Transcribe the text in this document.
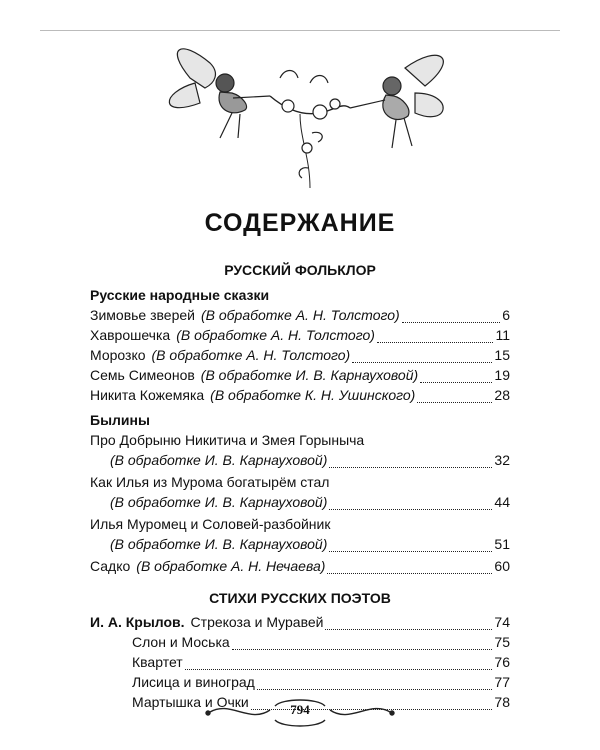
СОДЕРЖАНИЕ
РУССКИЙ ФОЛЬКЛОР
Русские народные сказки
Зимовье зверей (В обработке А. Н. Толстого)	6
Хаврошечка (В обработке А. Н. Толстого)	11
Морозко (В обработке А. Н. Толстого)	15
Семь Симеонов (В обработке И. В. Карнауховой)	19
Никита Кожемяка (В обработке К. Н. Ушинского)	28
Былины
Про Добрыню Никитича и Змея Горыныча
(В обработке И. В. Карнауховой)	32
Как Илья из Мурома богатырём стал
(В обработке И. В. Карнауховой)	44
Илья Муромец и Соловей-разбойник
(В обработке И. В. Карнауховой)	51
Садко (В обработке А. Н. Нечаева)	60
СТИХИ РУССКИХ ПОЭТОВ
И. А. Крылов. Стрекоза и Муравей	74
Слон и Моська	75
Квартет	76
Лисица и виноград	77
Мартышка и Очки	78
794
